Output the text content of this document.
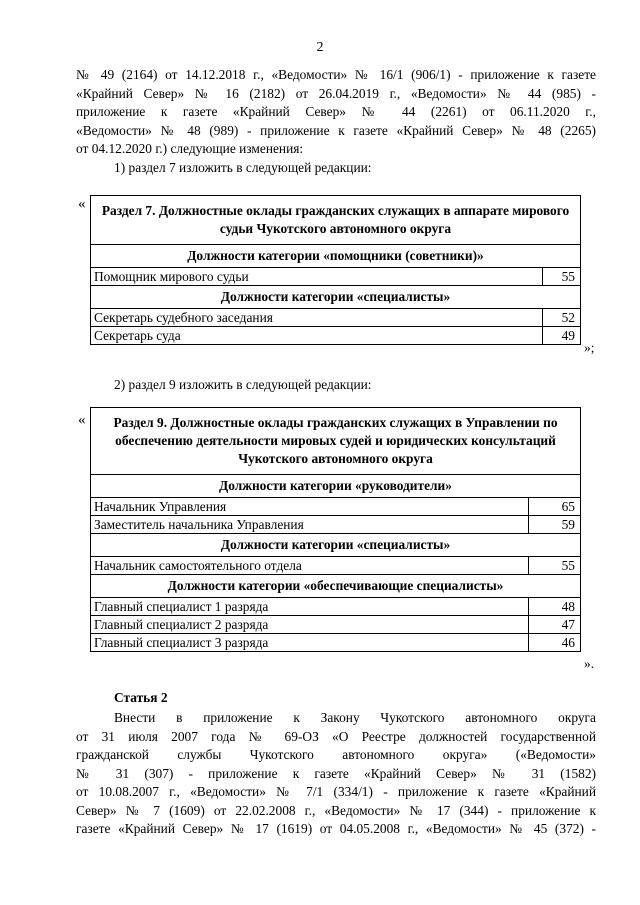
2
№ 49 (2164) от 14.12.2018 г., «Ведомости» № 16/1 (906/1) - приложение к газете
«Крайний Север» № 16 (2182) от 26.04.2019 г., «Ведомости» № 44 (985) -
приложение к газете «Крайний Север» № 44 (2261) от 06.11.2020 г.,
«Ведомости» № 48 (989) - приложение к газете «Крайний Север» № 48 (2265)
от 04.12.2020 г.) следующие изменения:
1) раздел 7 изложить в следующей редакции:
« Раздел 7. Должностные оклады гражданских служащих в аппарате мирового судьи Чукотского автономного округа	
Должности категории «помощники (советники)»	
Помощник мирового судьи	55
Должности категории «специалисты»	
Секретарь судебного заседания	52
Секретарь суда	49
»;
2) раздел 9 изложить в следующей редакции:
« Раздел 9. Должностные оклады гражданских служащих в Управлении по обеспечению деятельности мировых судей и юридических консультаций Чукотского автономного округа	
Должности категории «руководители»	
Начальник Управления	65
Заместитель начальника Управления	59
Должности категории «специалисты»	
Начальник самостоятельного отдела	55
Должности категории «обеспечивающие специалисты»	
Главный специалист 1 разряда	48
Главный специалист 2 разряда	47
Главный специалист 3 разряда	46
».
Статья 2
Внести в приложение к Закону Чукотского автономного округа
от 31 июля 2007 года № 69-ОЗ «О Реестре должностей государственной
гражданской службы Чукотского автономного округа» («Ведомости»
№ 31 (307) - приложение к газете «Крайний Север» № 31 (1582)
от 10.08.2007 г., «Ведомости» № 7/1 (334/1) - приложение к газете «Крайний
Север» № 7 (1609) от 22.02.2008 г., «Ведомости» № 17 (344) - приложение к
газете «Крайний Север» № 17 (1619) от 04.05.2008 г., «Ведомости» № 45 (372) -
